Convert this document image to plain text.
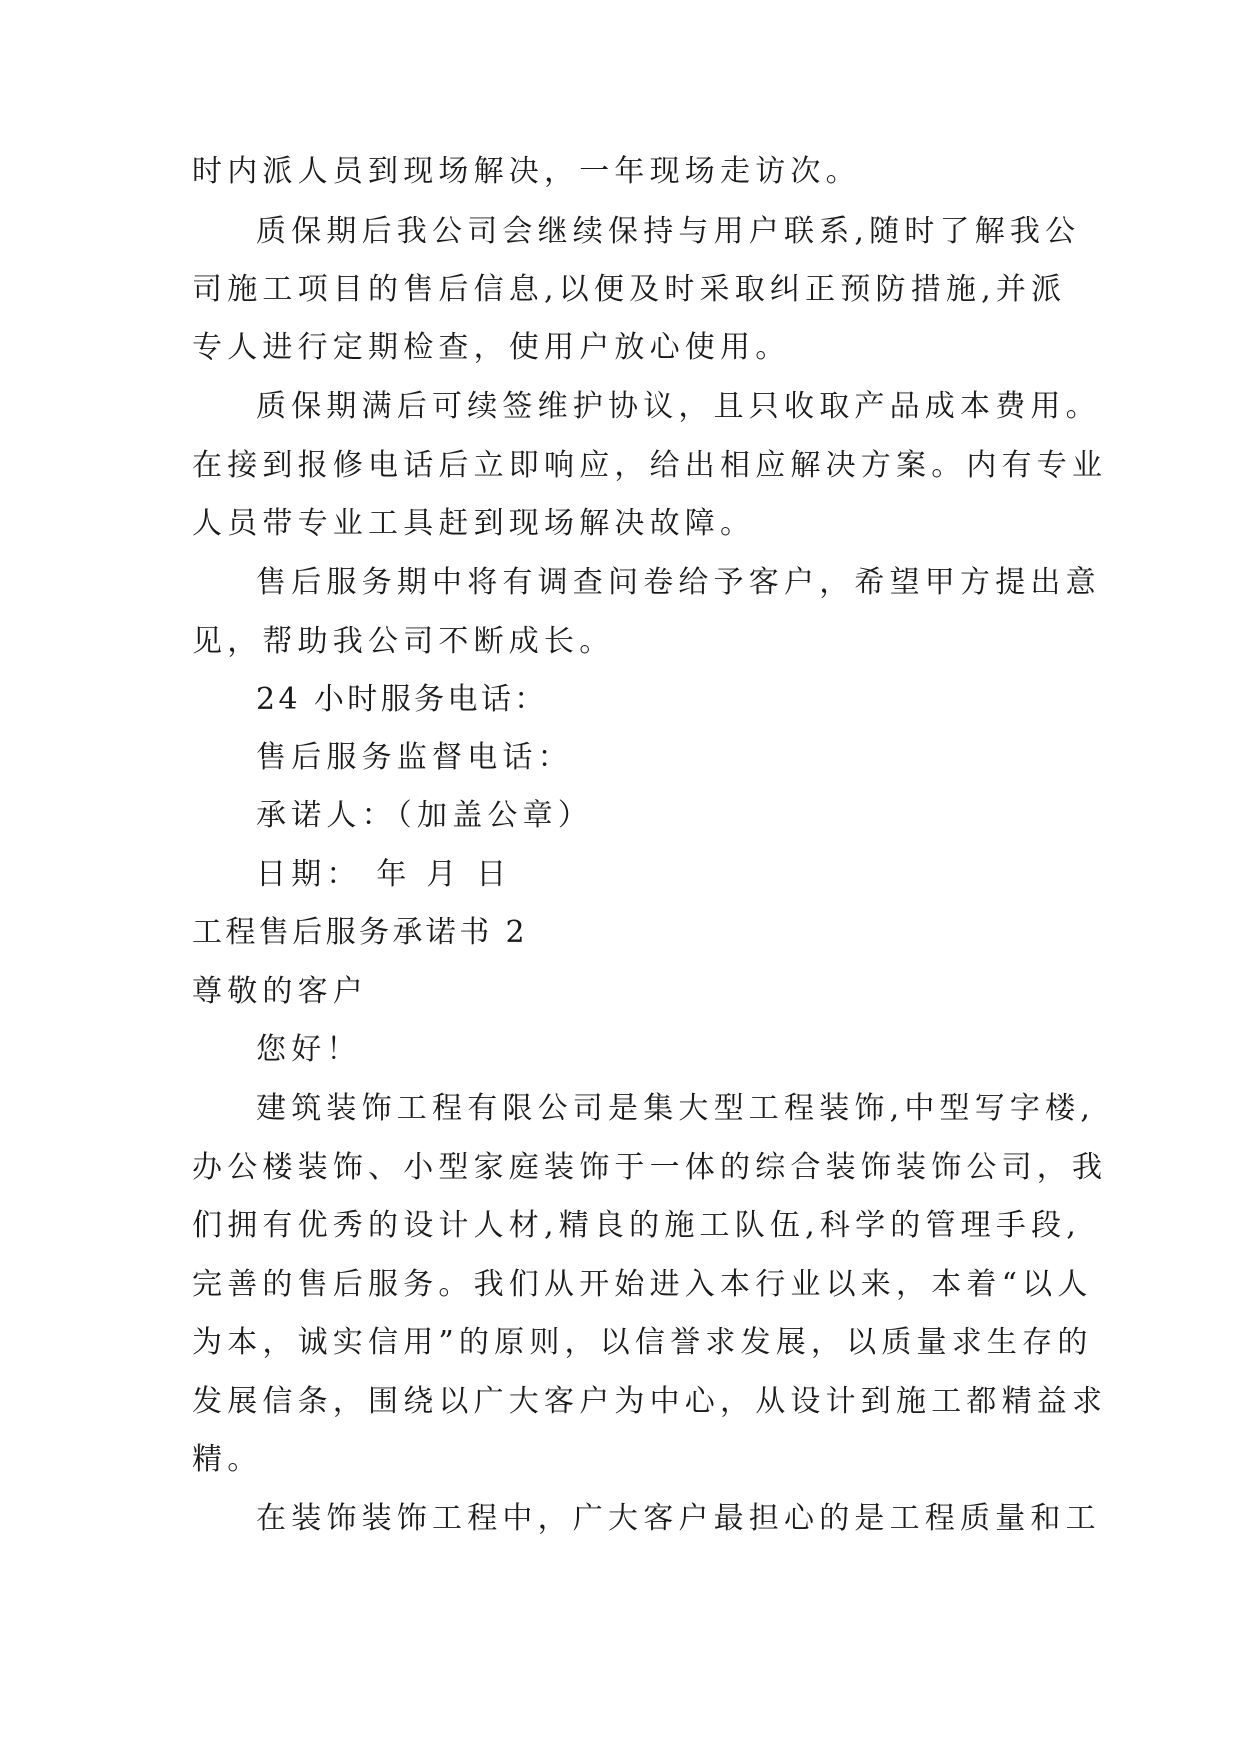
时内派人员到现场解决，一年现场走访次。
质保期后我公司会继续保持与用户联系,随时了解我公
司施工项目的售后信息,以便及时采取纠正预防措施,并派
专人进行定期检查，使用户放心使用。
质保期满后可续签维护协议，且只收取产品成本费用。
在接到报修电话后立即响应，给出相应解决方案。内有专业
人员带专业工具赶到现场解决故障。
售后服务期中将有调查问卷给予客户，希望甲方提出意
见，帮助我公司不断成长。
24 小时服务电话：
售后服务监督电话：
承诺人：（加盖公章）
日期： 年 月 日
工程售后服务承诺书 2
尊敬的客户
您好！
建筑装饰工程有限公司是集大型工程装饰,中型写字楼,
办公楼装饰、小型家庭装饰于一体的综合装饰装饰公司，我
们拥有优秀的设计人材,精良的施工队伍,科学的管理手段,
完善的售后服务。我们从开始进入本行业以来，本着“以人
为本，诚实信用”的原则，以信誉求发展，以质量求生存的
发展信条，围绕以广大客户为中心，从设计到施工都精益求
精。
在装饰装饰工程中，广大客户最担心的是工程质量和工
